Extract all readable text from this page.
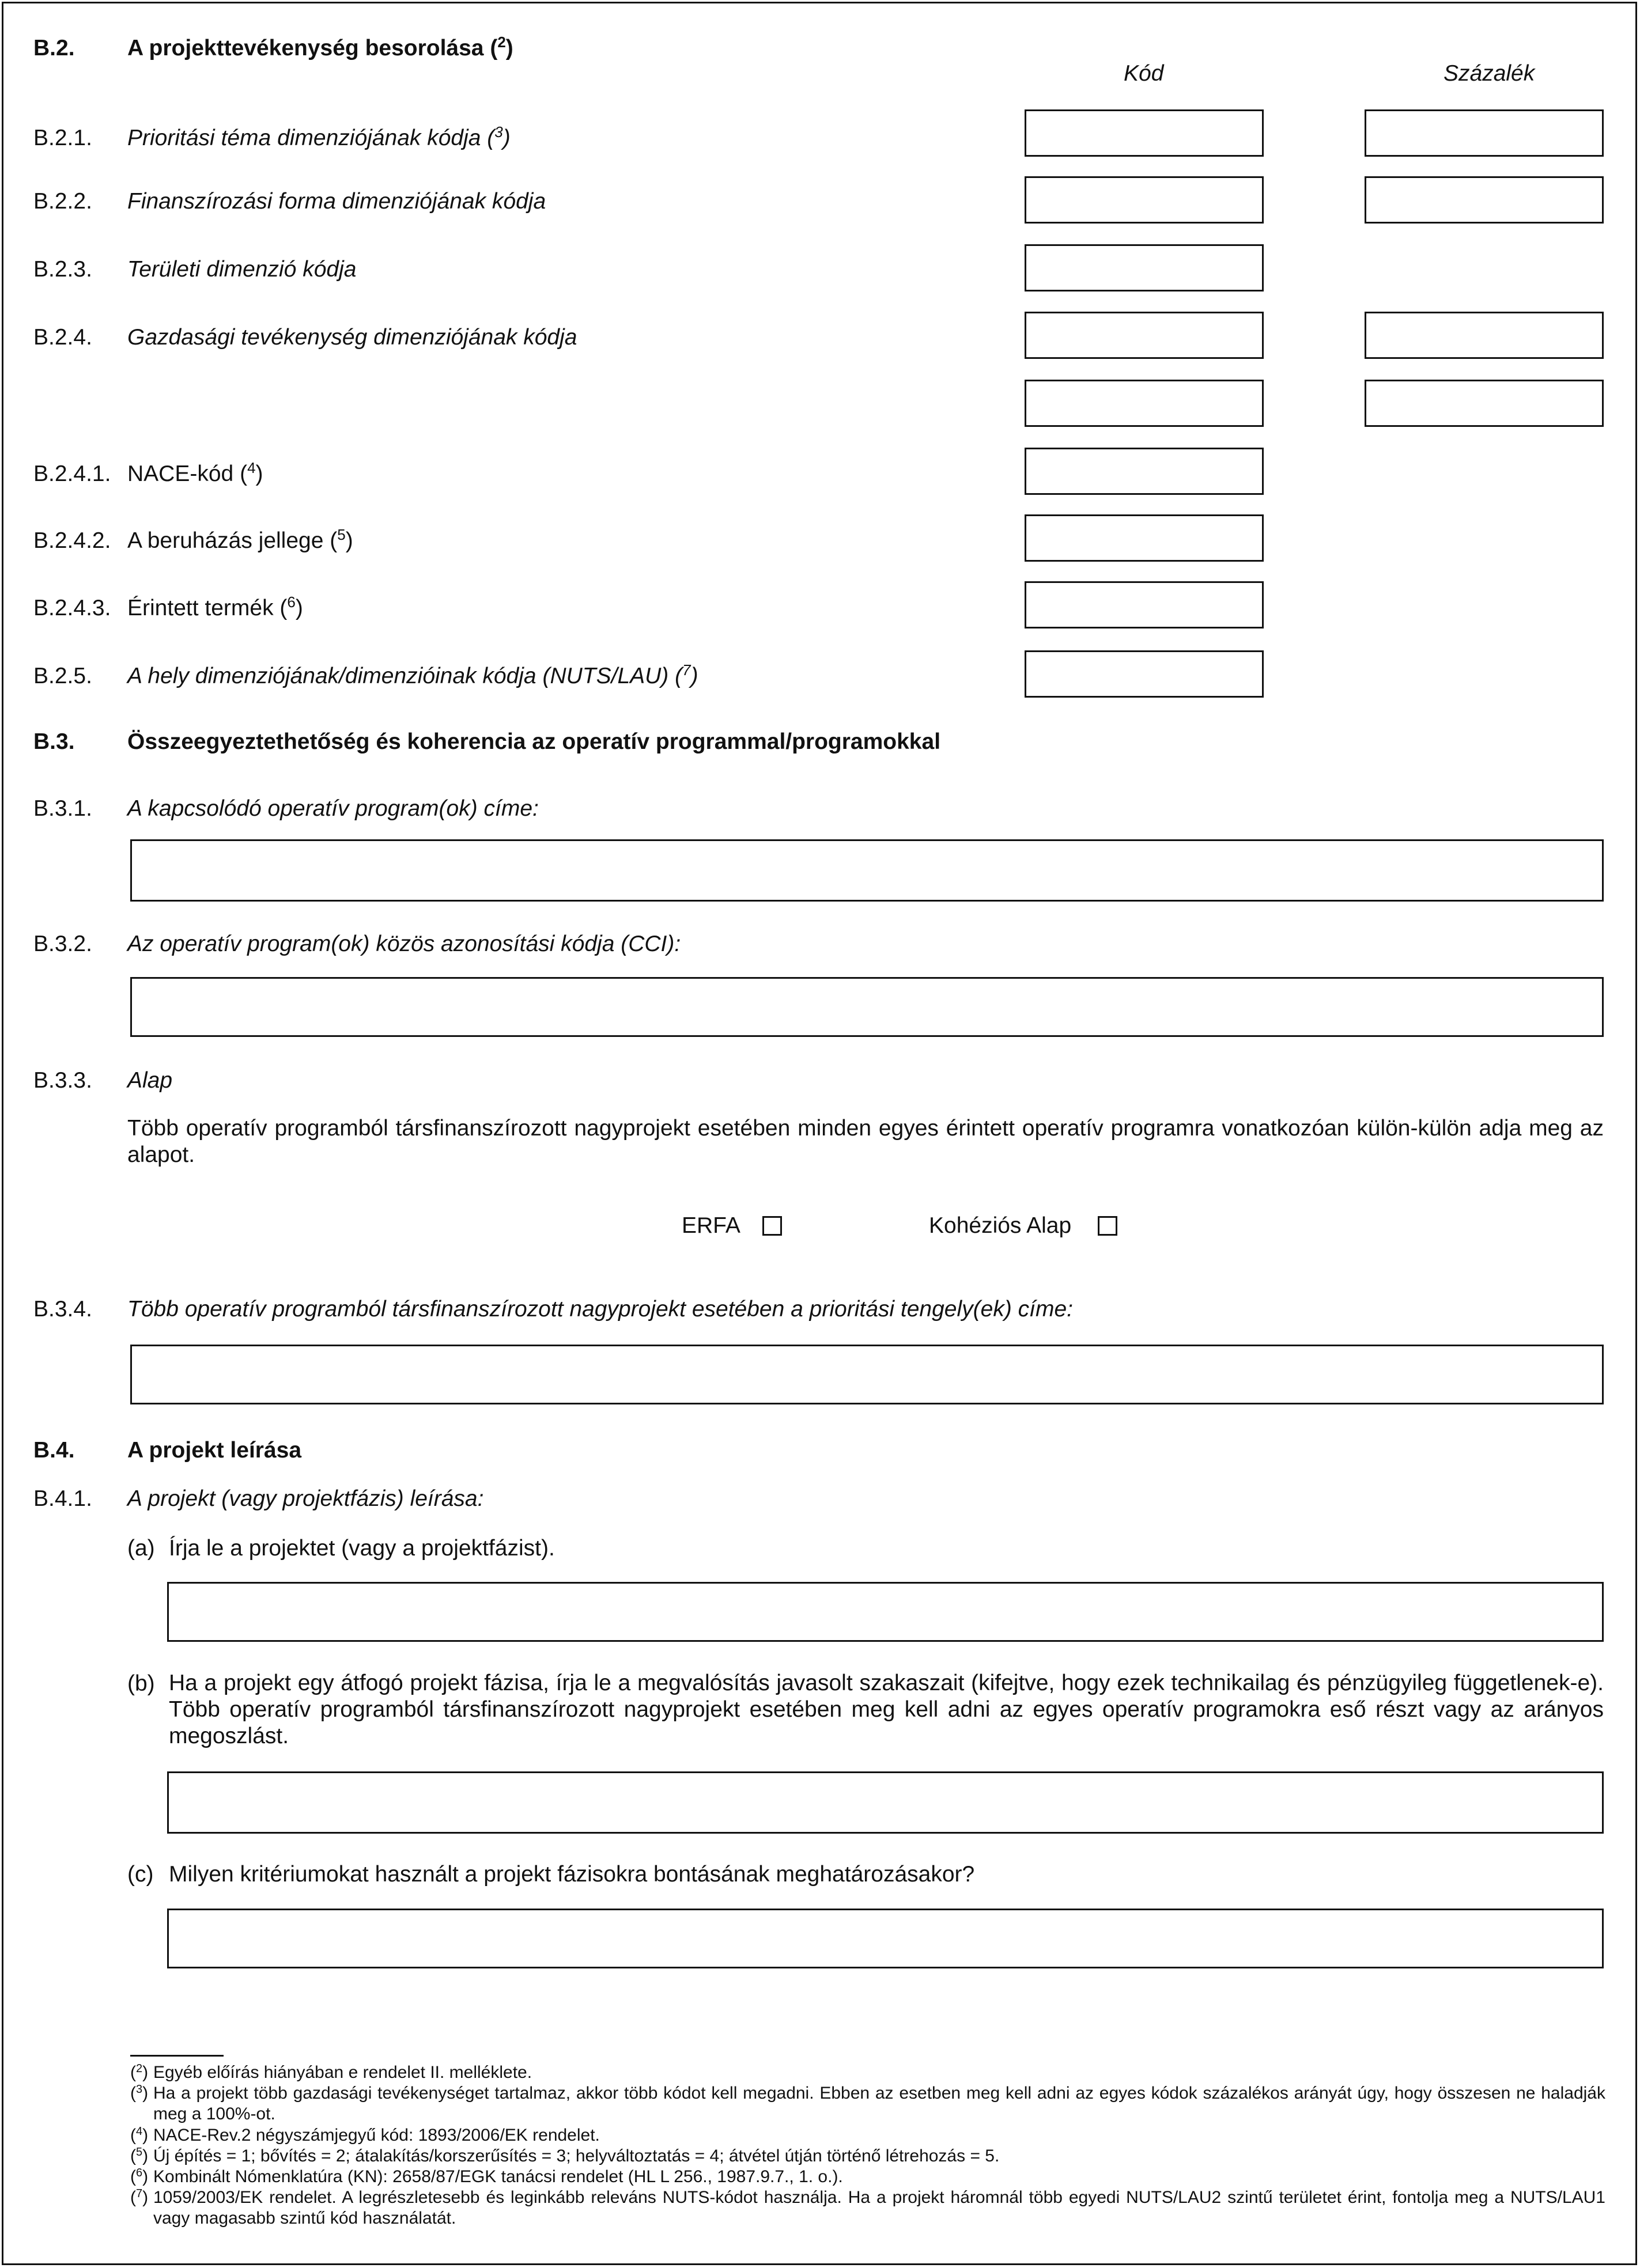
B.2. A projekttevékenység besorolása ($^2$)
Kód	Százalék
B.2.1. Prioritási téma dimenziójának kódja ($^3$)
B.2.2. Finanszírozási forma dimenziójának kódja
B.2.3. Területi dimenzió kódja
B.2.4. Gazdasági tevékenység dimenziójának kódja
B.2.4.1. NACE-kód ($^4$)
B.2.4.2. A beruházás jellege ($^5$)
B.2.4.3. Érintett termék ($^6$)
B.2.5. A hely dimenziójának/dimenzióinak kódja (NUTS/LAU) ($^7$)
B.3. Összeegyeztethetőség és koherencia az operatív programmal/programokkal
B.3.1. A kapcsolódó operatív program(ok) címe:
B.3.2. Az operatív program(ok) közös azonosítási kódja (CCI):
B.3.3. Alap
Több operatív programból társfinanszírozott nagyprojekt esetében minden egyes érintett operatív programra vonatkozóan külön-külön adja meg az alapot.
ERFA	Kohéziós Alap
B.3.4. Több operatív programból társfinanszírozott nagyprojekt esetében a prioritási tengely(ek) címe:
B.4. A projekt leírása
B.4.1. A projekt (vagy projektfázis) leírása:
(a) Írja le a projektet (vagy a projektfázist).
(b) Ha a projekt egy átfogó projekt fázisa, írja le a megvalósítás javasolt szakaszait (kifejtve, hogy ezek technikailag és pénzügyileg függetlenek-e). Több operatív programból társfinanszírozott nagyprojekt esetében meg kell adni az egyes operatív programokra eső részt vagy az arányos megoszlást.
(c) Milyen kritériumokat használt a projekt fázisokra bontásának meghatározásakor?
($^2$) Egyéb előírás hiányában e rendelet II. melléklete.
($^3$) Ha a projekt több gazdasági tevékenységet tartalmaz, akkor több kódot kell megadni. Ebben az esetben meg kell adni az egyes kódok százalékos arányát úgy, hogy összesen ne haladják meg a 100%-ot.
($^4$) NACE-Rev.2 négyszámjegyű kód: 1893/2006/EK rendelet.
($^5$) Új építés = 1; bővítés = 2; átalakítás/korszerűsítés = 3; helyváltoztatás = 4; átvétel útján történő létrehozás = 5.
($^6$) Kombinált Nómenklatúra (KN): 2658/87/EGK tanácsi rendelet (HL L 256., 1987.9.7., 1. o.).
($^7$) 1059/2003/EK rendelet. A legrészletesebb és leginkább releváns NUTS-kódot használja. Ha a projekt háromnál több egyedi NUTS/LAU2 szintű területet érint, fontolja meg a NUTS/LAU1 vagy magasabb szintű kód használatát.
